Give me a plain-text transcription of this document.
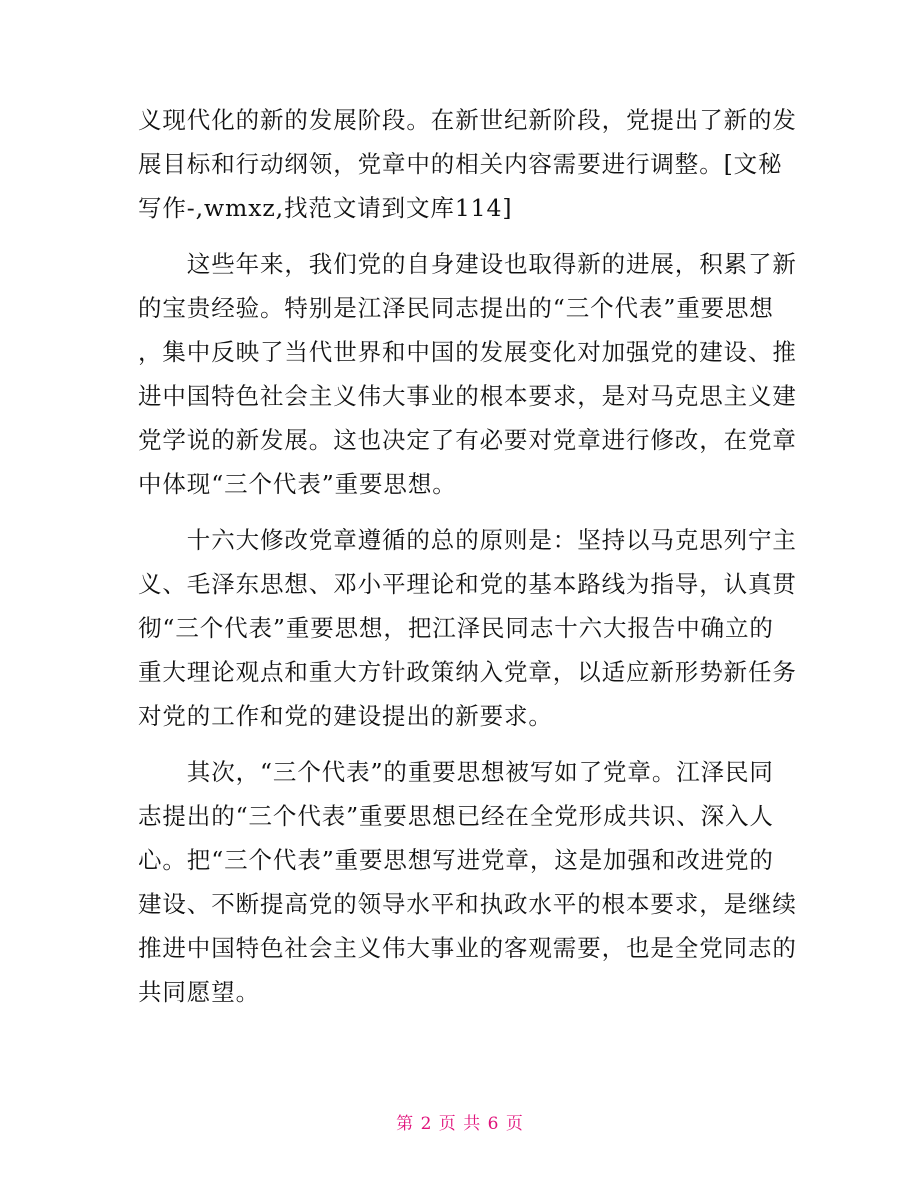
义现代化的新的发展阶段。在新世纪新阶段，党提出了新的发
展目标和行动纲领，党章中的相关内容需要进行调整。[文秘
写作-,wmxz,找范文请到文库114]
　　这些年来，我们党的自身建设也取得新的进展，积累了新
的宝贵经验。特别是江泽民同志提出的“三个代表”重要思想
，集中反映了当代世界和中国的发展变化对加强党的建设、推
进中国特色社会主义伟大事业的根本要求，是对马克思主义建
党学说的新发展。这也决定了有必要对党章进行修改，在党章
中体现“三个代表”重要思想。
　　十六大修改党章遵循的总的原则是：坚持以马克思列宁主
义、毛泽东思想、邓小平理论和党的基本路线为指导，认真贯
彻“三个代表”重要思想，把江泽民同志十六大报告中确立的
重大理论观点和重大方针政策纳入党章，以适应新形势新任务
对党的工作和党的建设提出的新要求。
　　其次，“三个代表”的重要思想被写如了党章。江泽民同
志提出的“三个代表”重要思想已经在全党形成共识、深入人
心。把“三个代表”重要思想写进党章，这是加强和改进党的
建设、不断提高党的领导水平和执政水平的根本要求，是继续
推进中国特色社会主义伟大事业的客观需要，也是全党同志的
共同愿望。
第 2 页 共 6 页
